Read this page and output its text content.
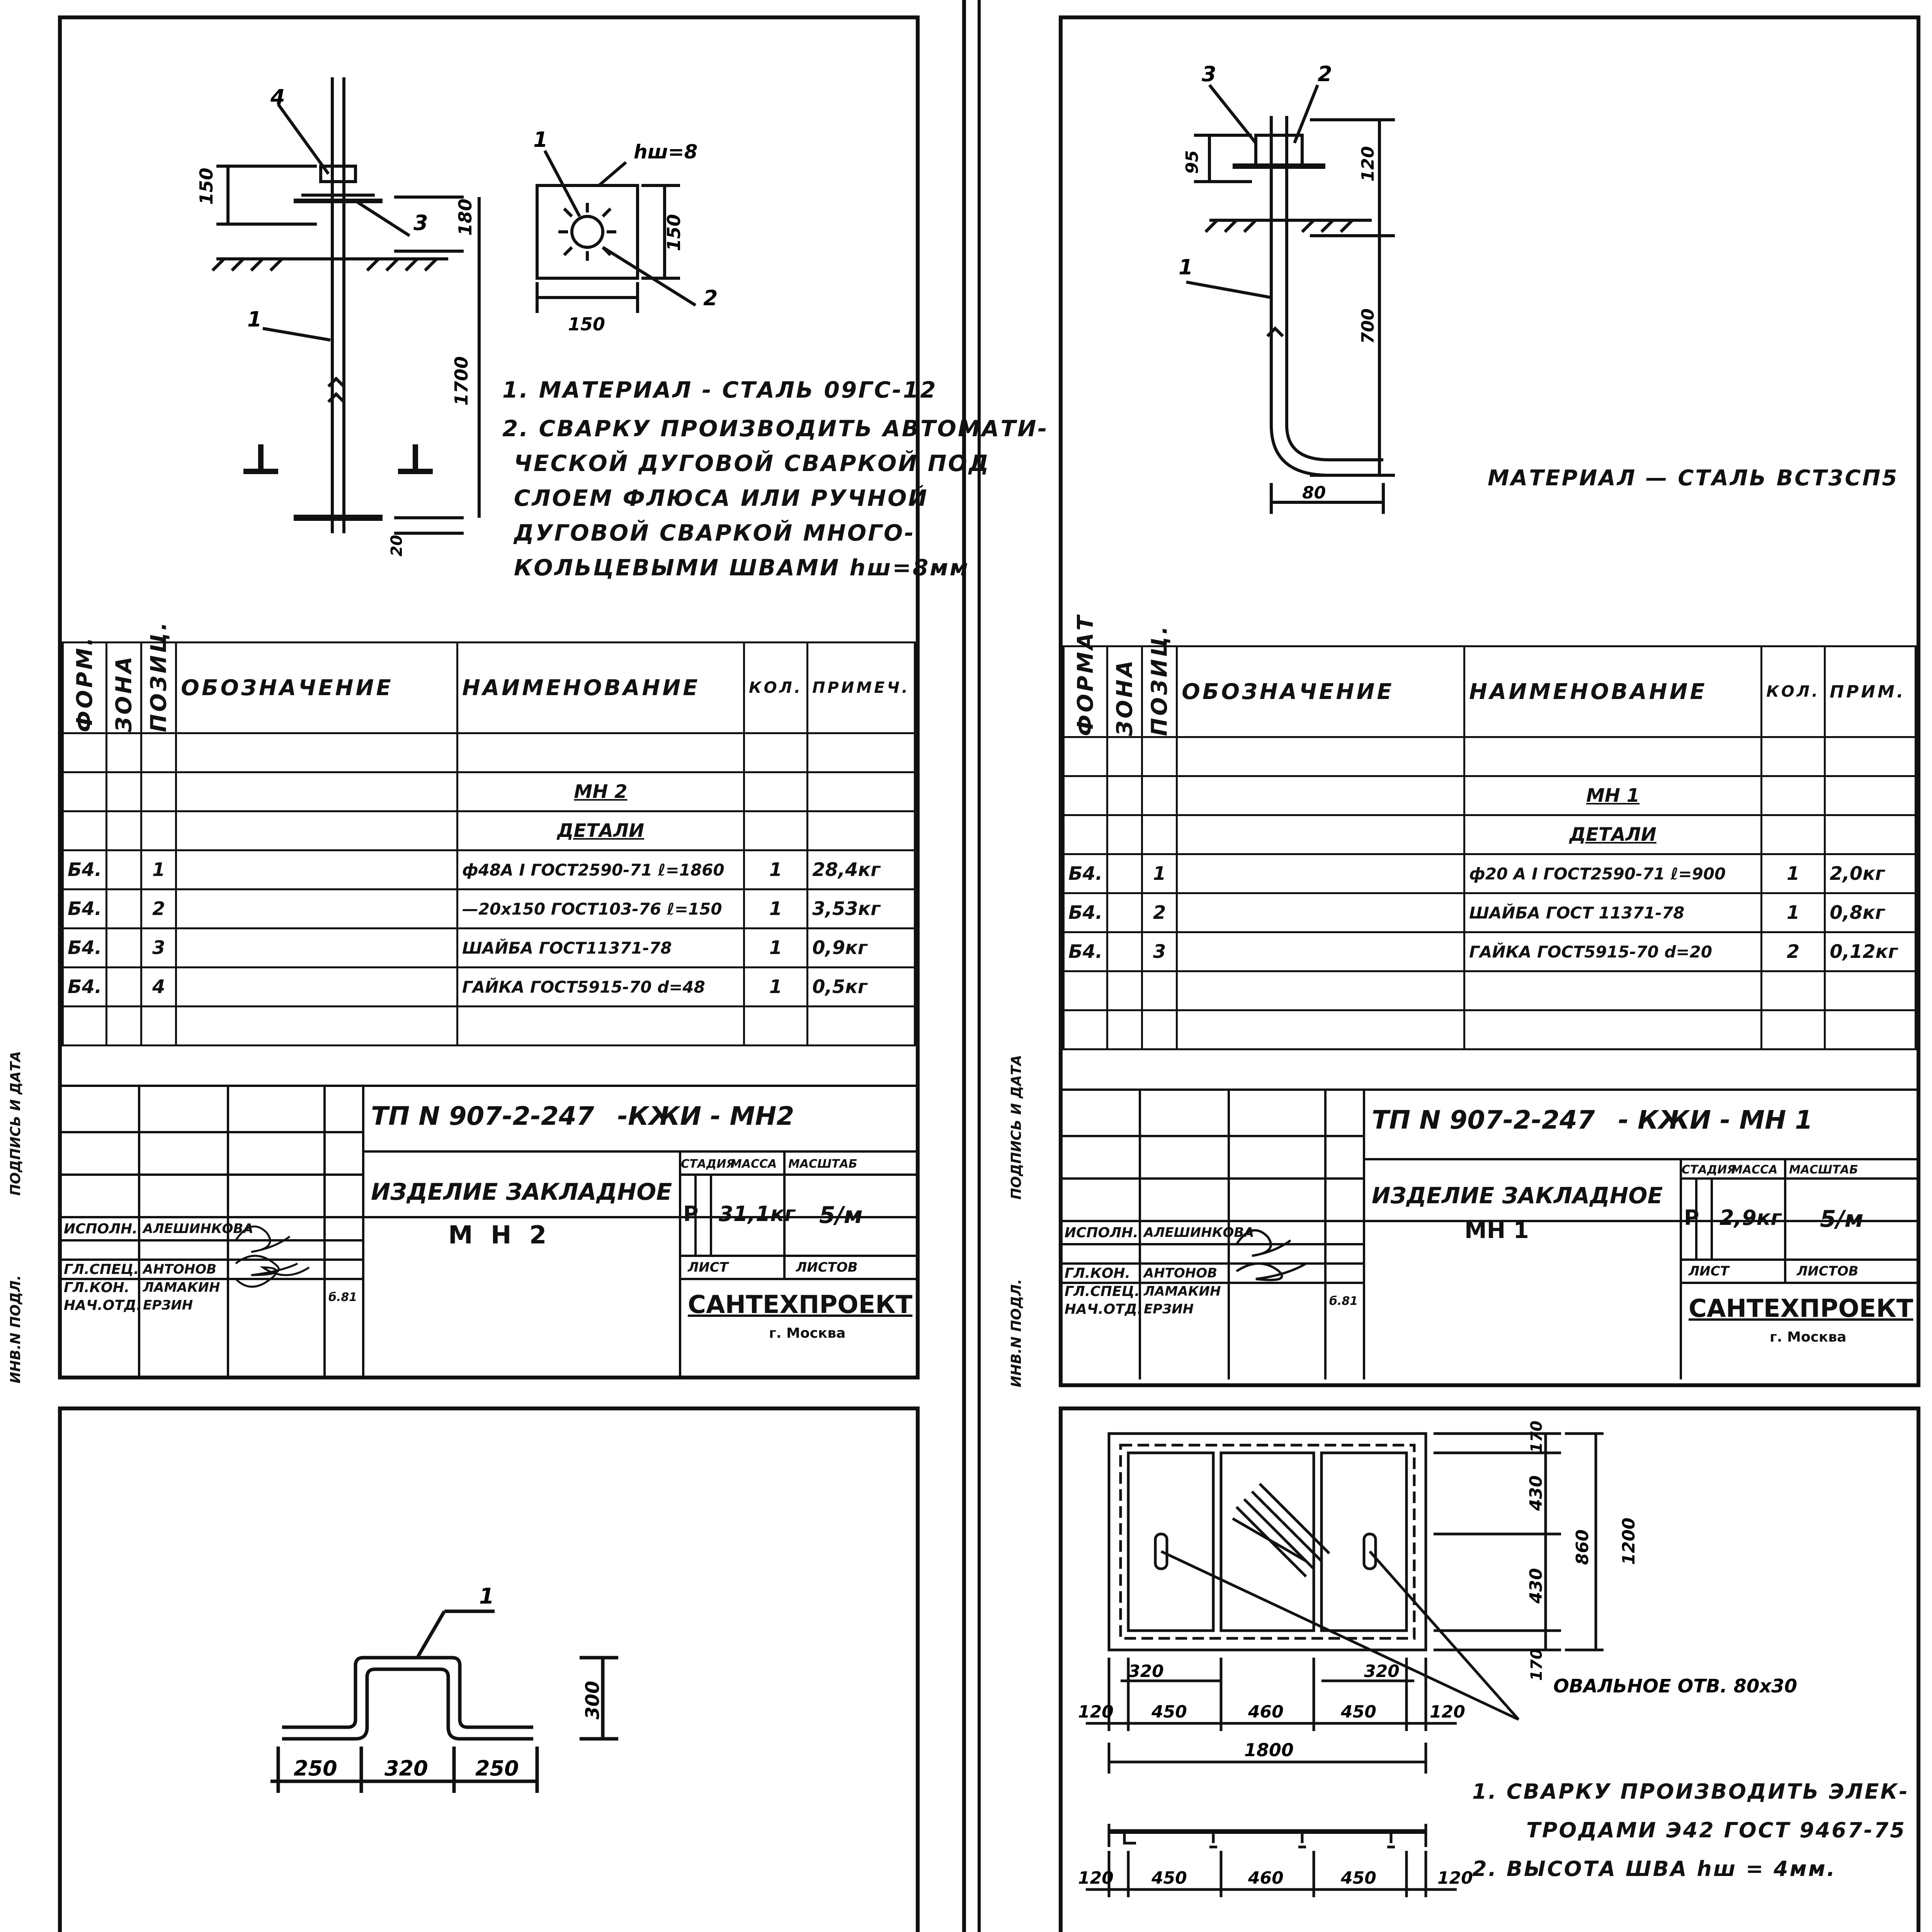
4
3
1
1
2
hш=8
150
180
1700
20
150
150
1. МАТЕРИАЛ - СТАЛЬ 09ГС-12
2. СВАРКУ ПРОИЗВОДИТЬ АВТОМАТИ-
ЧЕСКОЙ ДУГОВОЙ СВАРКОЙ ПОД
СЛОЕМ ФЛЮСА ИЛИ РУЧНОЙ
ДУГОВОЙ СВАРКОЙ МНОГО-
КОЛЬЦЕВЫМИ ШВАМИ hш=8мм
ФОРМ.	ЗОНА	ПОЗИЦ.	ОБОЗНАЧЕНИЕ	НАИМЕНОВАНИЕ	КОЛ.	ПРИМЕЧ.

				МН 2		
				ДЕТАЛИ		
Б4.		1		ф48А I ГОСТ2590-71 ℓ=1860	1	28,4кг
Б4.		2		—20х150 ГОСТ103-76 ℓ=150	1	3,53кг
Б4.		3		ШАЙБА ГОСТ11371-78	1	0,9кг
Б4.		4		ГАЙКА ГОСТ5915-70 d=48	1	0,5кг

ТП N 907-2-247 -КЖИ - МН2
ИСПОЛН. АЛЕШИНКОВА
ГЛ.СПЕЦ. АНТОНОВ
ГЛ.КОН. ЛАМАКИН
НАЧ.ОТД. ЕРЗИН
б.81
ИЗДЕЛИЕ ЗАКЛАДНОЕ
М Н 2
СТАДИЯ
МАССА МАСШТАБ
Р 31,1кг 5/м
ЛИСТ	ЛИСТОВ
САНТЕХПРОЕКТ
г. Москва
ПОДПИСЬ И ДАТА
ИНВ.N ПОДЛ.
3	2
1
95	120
700
80
МАТЕРИАЛ — СТАЛЬ ВСТ3СП5
ФОРМАТ	ЗОНА	ПОЗИЦ.	ОБОЗНАЧЕНИЕ	НАИМЕНОВАНИЕ	КОЛ.	ПРИМ.

				МН 1		
				ДЕТАЛИ		
Б4.		1		ф20 А I ГОСТ2590-71 ℓ=900	1	2,0кг
Б4.		2		ШАЙБА ГОСТ 11371-78	1	0,8кг
Б4.		3		ГАЙКА ГОСТ5915-70 d=20	2	0,12кг

ТП N 907-2-247 - КЖИ - МН 1
ИСПОЛН. АЛЕШИНКОВА
ГЛ.КОН. АНТОНОВ
ГЛ.СПЕЦ. ЛАМАКИН
НАЧ.ОТД. ЕРЗИН
б.81
ИЗДЕЛИЕ ЗАКЛАДНОЕ
МН 1
СТАДИЯ
МАССА МАСШТАБ
Р 2,9кг 5/м
ЛИСТ	ЛИСТОВ
САНТЕХПРОЕКТ
г. Москва
ПОДПИСЬ И ДАТА
ИНВ.N ПОДЛ.
1
300
250 320 250

170
430
430
860 1200
170
ОВАЛЬНОЕ ОТВ. 80х30
320	320
120 450	460	450	120
1800
120 450	460	450	120
1. СВАРКУ ПРОИЗВОДИТЬ ЭЛЕК-
ТРОДАМИ Э42 ГОСТ 9467-75
2. ВЫСОТА ШВА hш = 4мм.
